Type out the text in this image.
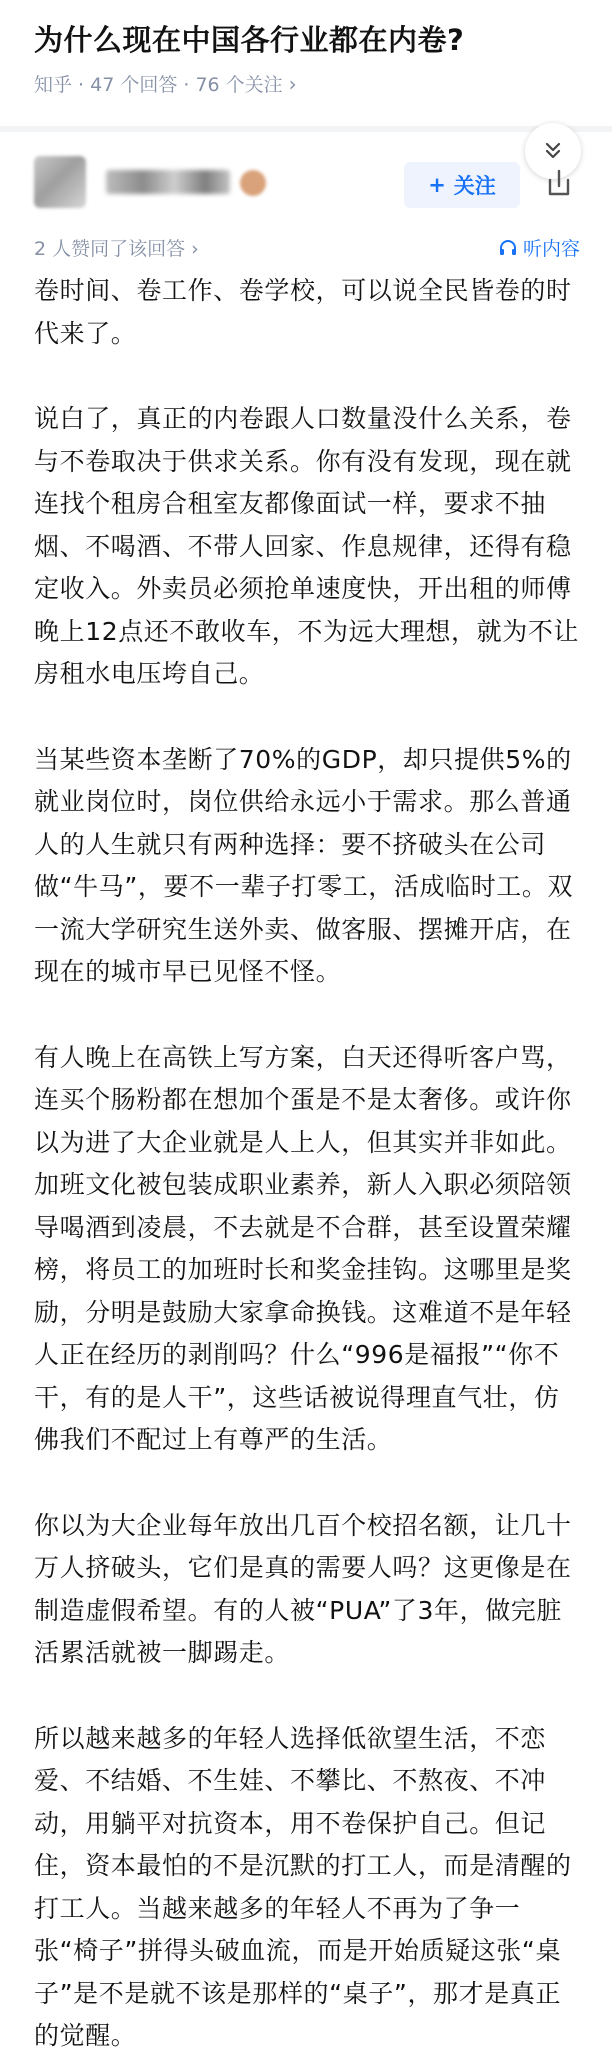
为什么现在中国各行业都在内卷?
知乎 · 47 个回答 · 76 个关注 ›
+ 关注
2 人赞同了该回答 ›	听内容

卷时间、卷工作、卷学校，可以说全民皆卷的时代来了。

说白了，真正的内卷跟人口数量没什么关系，卷与不卷取决于供求关系。你有没有发现，现在就连找个租房合租室友都像面试一样，要求不抽烟、不喝酒、不带人回家、作息规律，还得有稳定收入。外卖员必须抢单速度快，开出租的师傅晚上12点还不敢收车，不为远大理想，就为不让房租水电压垮自己。

当某些资本垄断了70%的GDP，却只提供5%的就业岗位时，岗位供给永远小于需求。那么普通人的人生就只有两种选择：要不挤破头在公司做“牛马”，要不一辈子打零工，活成临时工。双一流大学研究生送外卖、做客服、摆摊开店，在现在的城市早已见怪不怪。

有人晚上在高铁上写方案，白天还得听客户骂，连买个肠粉都在想加个蛋是不是太奢侈。或许你以为进了大企业就是人上人，但其实并非如此。加班文化被包装成职业素养，新人入职必须陪领导喝酒到凌晨，不去就是不合群，甚至设置荣耀榜，将员工的加班时长和奖金挂钩。这哪里是奖励，分明是鼓励大家拿命换钱。这难道不是年轻人正在经历的剥削吗？什么“996是福报”“你不干，有的是人干”，这些话被说得理直气壮，仿佛我们不配过上有尊严的生活。

你以为大企业每年放出几百个校招名额，让几十万人挤破头，它们是真的需要人吗？这更像是在制造虚假希望。有的人被“PUA”了3年，做完脏活累活就被一脚踢走。

所以越来越多的年轻人选择低欲望生活，不恋爱、不结婚、不生娃、不攀比、不熬夜、不冲动，用躺平对抗资本，用不卷保护自己。但记住，资本最怕的不是沉默的打工人，而是清醒的打工人。当越来越多的年轻人不再为了争一张“椅子”拼得头破血流，而是开始质疑这张“桌子”是不是就不该是那样的“桌子”，那才是真正的觉醒。
